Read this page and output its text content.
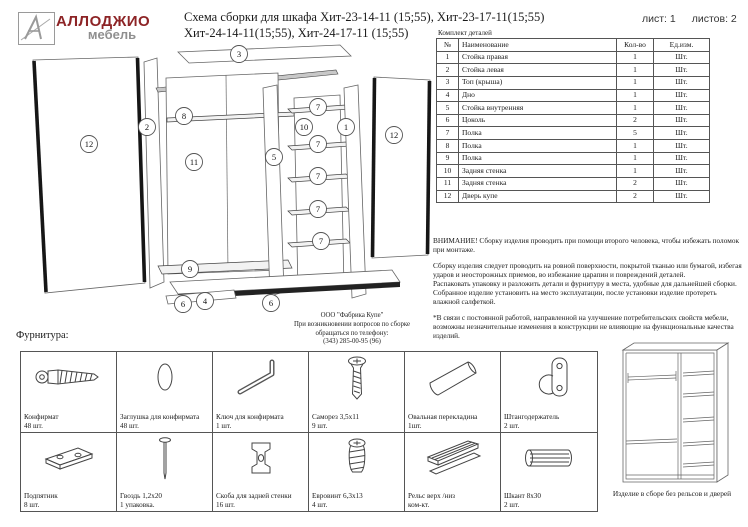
АЛЛОДЖИО
мебель
Схема сборки для шкафа Хит-23-14-11 (15;55), Хит-23-17-11(15;55)
Хит-24-14-11(15;55), Хит-24-17-11 (15;55)
лист: 1 листов: 2
12
2
8
11
3
9
5
10
7
7
7
7
7
1
12
6 4	6
Комплект деталей
№	Наименование	Кол-во	Ед.изм.
1	Стойка правая	1	Шт.
2	Стойка левая	1	Шт.
3	Топ (крыша)	1	Шт.
4	Дно	1	Шт.
5	Стойка внутренняя	1	Шт.
6	Цоколь	2	Шт.
7	Полка	5	Шт.
8	Полка	1	Шт.
9	Полка	1	Шт.
10	Задняя стенка	1	Шт.
11	Задняя стенка	2	Шт.
12	Дверь купе	2	Шт.

ВНИМАНИЕ! Сборку изделия проводить при помощи второго человека, чтобы избежать поломок при монтаже.

Сборку изделия следует проводить на ровной поверхности, покрытой тканью или бумагой, избегая ударов и неосторожных приемов, во избежание царапин и повреждений деталей.

Распаковать упаковку и разложить детали и фурнитуру в места, удобные для дальнейшей сборки.

Собранное изделие установить на место эксплуатации, после установки изделие протереть влажной салфеткой.

*В связи с постоянной работой, направленной на улучшение потребительских свойств мебели, возможны незначительные изменения в конструкции не влияющие на функциональные качества изделий.

ООО "Фабрика Купе"
При возникновении вопросов по сборке
обращаться по телефону:
(343) 285-00-95 (96)
Фурнитура:
Конфирмат
48 шт.
Заглушка для конфирмата
48 шт.
Ключ для конфирмата
1 шт.
Саморез 3,5х11
9 шт.
Овальная перекладина
1шт.
Штангодержатель
2 шт.
Подпятник
8 шт.
Гвоздь 1,2х20
1 упаковка.
Скоба для задней стенки
16 шт.
Евровинт 6,3х13
4 шт.
Рельс верх /низ
ком-кт.
Шкант 8х30
2 шт.
Изделие в сборе без рельсов и дверей
